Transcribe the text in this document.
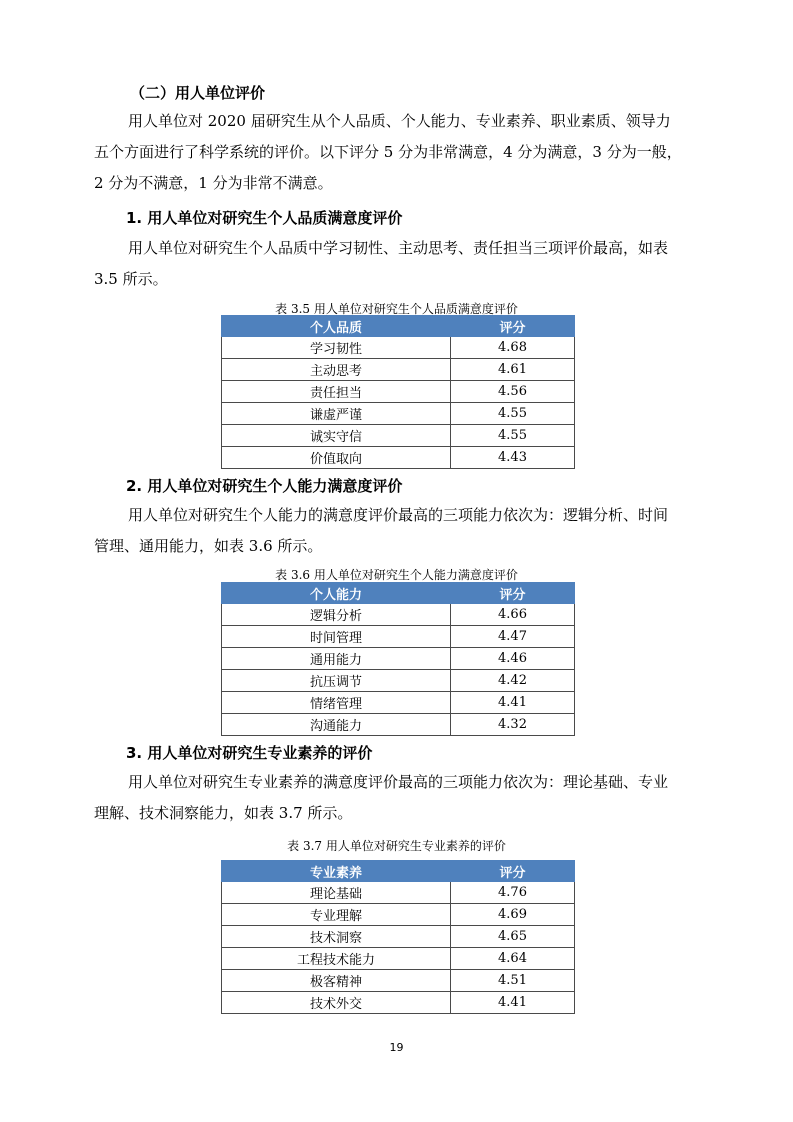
（二）用人单位评价
用人单位对 2020 届研究生从个人品质、个人能力、专业素养、职业素质、领导力
五个方面进行了科学系统的评价。以下评分 5 分为非常满意，4 分为满意，3 分为一般，
2 分为不满意，1 分为非常不满意。
1. 用人单位对研究生个人品质满意度评价
用人单位对研究生个人品质中学习韧性、主动思考、责任担当三项评价最高，如表
3.5 所示。
表 3.5 用人单位对研究生个人品质满意度评价
个人品质	评分
学习韧性	4.68
主动思考	4.61
责任担当	4.56
谦虚严谨	4.55
诚实守信	4.55
价值取向	4.43
2. 用人单位对研究生个人能力满意度评价
用人单位对研究生个人能力的满意度评价最高的三项能力依次为：逻辑分析、时间
管理、通用能力，如表 3.6 所示。
表 3.6 用人单位对研究生个人能力满意度评价
个人能力	评分
逻辑分析	4.66
时间管理	4.47
通用能力	4.46
抗压调节	4.42
情绪管理	4.41
沟通能力	4.32
3. 用人单位对研究生专业素养的评价
用人单位对研究生专业素养的满意度评价最高的三项能力依次为：理论基础、专业
理解、技术洞察能力，如表 3.7 所示。
表 3.7 用人单位对研究生专业素养的评价
专业素养	评分
理论基础	4.76
专业理解	4.69
技术洞察	4.65
工程技术能力	4.64
极客精神	4.51
技术外交	4.41
19
